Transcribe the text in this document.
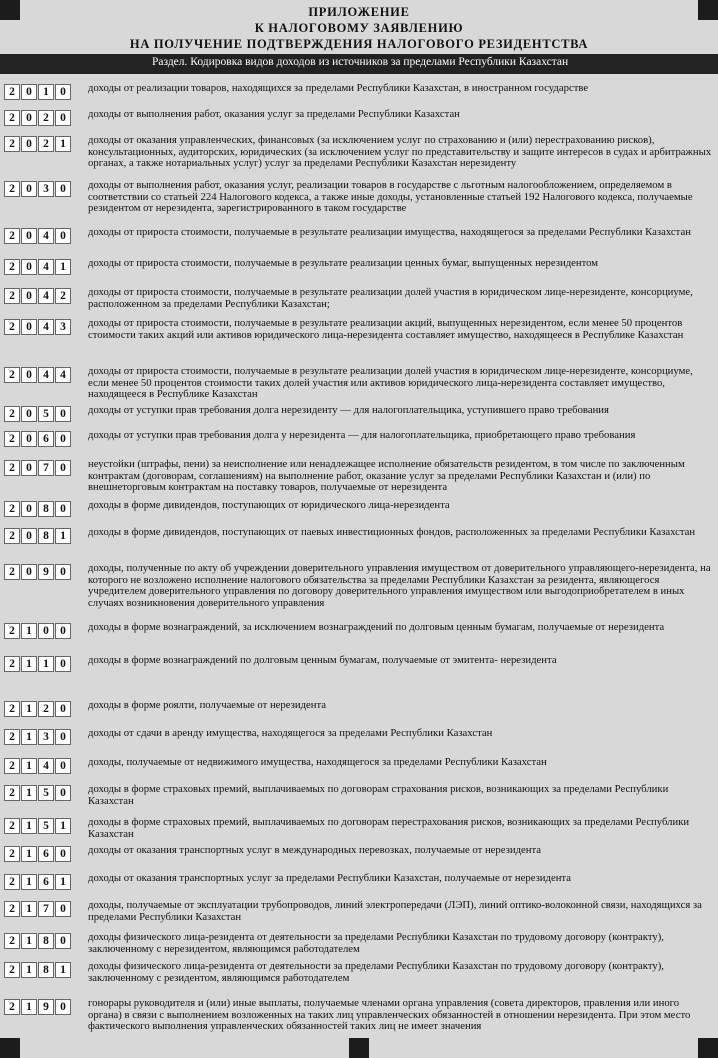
ПРИЛОЖЕНИЕ
К НАЛОГОВОМУ ЗАЯВЛЕНИЮ
НА ПОЛУЧЕНИЕ ПОДТВЕРЖДЕНИЯ НАЛОГОВОГО РЕЗИДЕНТСТВА
Раздел. Кодировка видов доходов из источников за пределами Республики Казахстан
2 0 1 0	доходы от реализации товаров, находящихся за пределами Республики Казахстан, в иностранном государстве
2 0 2 0	доходы от выполнения работ, оказания услуг за пределами Республики Казахстан
2 0 2 1	доходы от оказания управленческих, финансовых (за исключением услуг по страхованию и (или) перестрахованию рисков), консультационных, аудиторских, юридических (за исключением услуг по представительству и защите интересов в судах и арбитражных органах, а также нотариальных услуг) услуг за пределами Республики Казахстан нерезиденту
2 0 3 0	доходы от выполнения работ, оказания услуг, реализации товаров в государстве с льготным налогообложением, определяемом в соответствии со статьей 224 Налогового кодекса, а также иные доходы, установленные статьей 192 Налогового кодекса, получаемые резидентом от нерезидента, зарегистрированного в таком государстве
2 0 4 0	доходы от прироста стоимости, получаемые в результате реализации имущества, находящегося за пределами Республики Казахстан
2 0 4 1	доходы от прироста стоимости, получаемые в результате реализации ценных бумаг, выпущенных нерезидентом
2 0 4 2	доходы от прироста стоимости, получаемые в результате реализации долей участия в юридическом лице-нерезиденте, консорциуме, расположенном за пределами Республики Казахстан;
2 0 4 3	доходы от прироста стоимости, получаемые в результате реализации акций, выпущенных нерезидентом, если менее 50 процентов стоимости таких акций или активов юридического лица-нерезидента составляет имущество, находящееся в Республике Казахстан
2 0 4 4	доходы от прироста стоимости, получаемые в результате реализации долей участия в юридическом лице-нерезиденте, консорциуме, если менее 50 процентов стоимости таких долей участия или активов юридического лица-нерезидента составляет имущество, находящееся в Республике Казахстан
2 0 5 0	доходы от уступки прав требования долга нерезиденту — для налогоплательщика, уступившего право требования
2 0 6 0	доходы от уступки прав требования долга у нерезидента — для налогоплательщика, приобретающего право требования
2 0 7 0	неустойки (штрафы, пени) за неисполнение или ненадлежащее исполнение обязательств резидентом, в том числе по заключенным контрактам (договорам, соглашениям) на выполнение работ, оказание услуг за пределами Республики Казахстан и (или) по внешнеторговым контрактам на поставку товаров, получаемые от нерезидента
2 0 8 0	доходы в форме дивидендов, поступающих от юридического лица-нерезидента
2 0 8 1	доходы в форме дивидендов, поступающих от паевых инвестиционных фондов, расположенных за пределами Республики Казахстан
2 0 9 0	доходы, полученные по акту об учреждении доверительного управления имуществом от доверительного управляющего-нерезидента, на которого не возложено исполнение налогового обязательства за пределами Республики Казахстан за резидента, являющегося учредителем доверительного управления по договору доверительного управления имуществом или выгодоприобретателем в иных случаях возникновения доверительного управления
2 1 0 0	доходы в форме вознаграждений, за исключением вознаграждений по долговым ценным бумагам, получаемые от нерезидента
2 1 1 0	доходы в форме вознаграждений по долговым ценным бумагам, получаемые от эмитента- нерезидента
2 1 2 0	доходы в форме роялти, получаемые от нерезидента
2 1 3 0	доходы от сдачи в аренду имущества, находящегося за пределами Республики Казахстан
2 1 4 0	доходы, получаемые от недвижимого имущества, находящегося за пределами Республики Казахстан
2 1 5 0	доходы в форме страховых премий, выплачиваемых по договорам страхования рисков, возникающих за пределами Республики Казахстан
2 1 5 1	доходы в форме страховых премий, выплачиваемых по договорам перестрахования рисков, возникающих за пределами Республики Казахстан
2 1 6 0	доходы от оказания транспортных услуг в международных перевозках, получаемые от нерезидента
2 1 6 1	доходы от оказания транспортных услуг за пределами Республики Казахстан, получаемые от нерезидента
2 1 7 0	доходы, получаемые от эксплуатации трубопроводов, линий электропередачи (ЛЭП), линий оптико-волоконной связи, находящихся за пределами Республики Казахстан
2 1 8 0	доходы физического лица-резидента от деятельности за пределами Республики Казахстан по трудовому договору (контракту), заключенному с нерезидентом, являющимся работодателем
2 1 8 1	доходы физического лица-резидента от деятельности за пределами Республики Казахстан по трудовому договору (контракту), заключенному с резидентом, являющимся работодателем
2 1 9 0	гонорары руководителя и (или) иные выплаты, получаемые членами органа управления (совета директоров, правления или иного органа) в связи с выполнением возложенных на таких лиц управленческих обязанностей в отношении нерезидента. При этом место фактического выполнения управленческих обязанностей таких лиц не имеет значения
